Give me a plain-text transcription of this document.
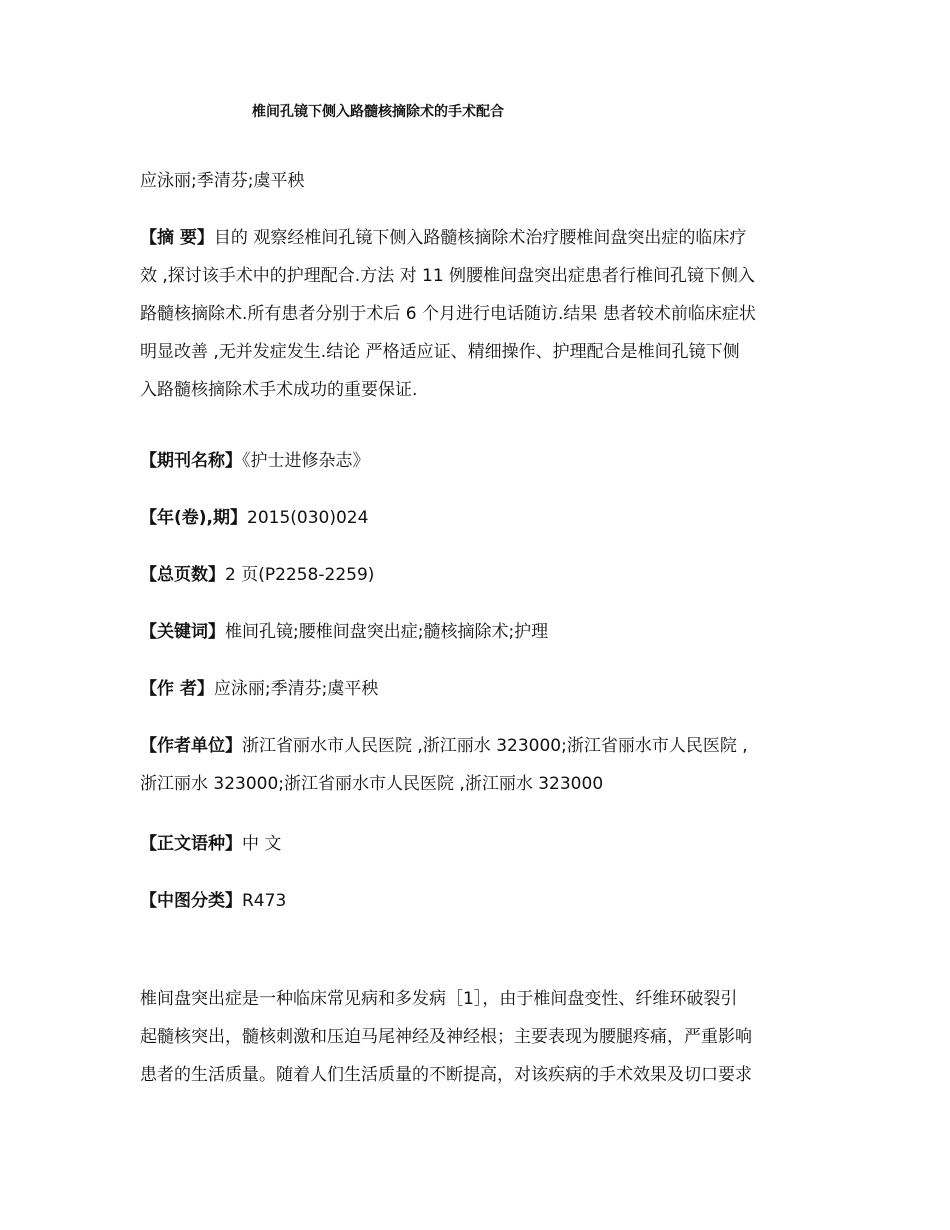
椎间孔镜下侧入路髓核摘除术的手术配合
应泳丽;季清芬;虞平秧
【摘 要】目的 观察经椎间孔镜下侧入路髓核摘除术治疗腰椎间盘突出症的临床疗
效 ,探讨该手术中的护理配合.方法 对 11 例腰椎间盘突出症患者行椎间孔镜下侧入
路髓核摘除术.所有患者分别于术后 6 个月进行电话随访.结果 患者较术前临床症状
明显改善 ,无并发症发生.结论 严格适应证、精细操作、护理配合是椎间孔镜下侧
入路髓核摘除术手术成功的重要保证.
【期刊名称】《护士进修杂志》
【年(卷),期】2015(030)024
【总页数】2 页(P2258-2259)
【关键词】椎间孔镜;腰椎间盘突出症;髓核摘除术;护理
【作 者】应泳丽;季清芬;虞平秧
【作者单位】浙江省丽水市人民医院 ,浙江丽水 323000;浙江省丽水市人民医院 ,
浙江丽水 323000;浙江省丽水市人民医院 ,浙江丽水 323000
【正文语种】中 文
【中图分类】R473
椎间盘突出症是一种临床常见病和多发病［1］，由于椎间盘变性、纤维环破裂引
起髓核突出，髓核刺激和压迫马尾神经及神经根；主要表现为腰腿疼痛，严重影响
患者的生活质量。随着人们生活质量的不断提高，对该疾病的手术效果及切口要求
